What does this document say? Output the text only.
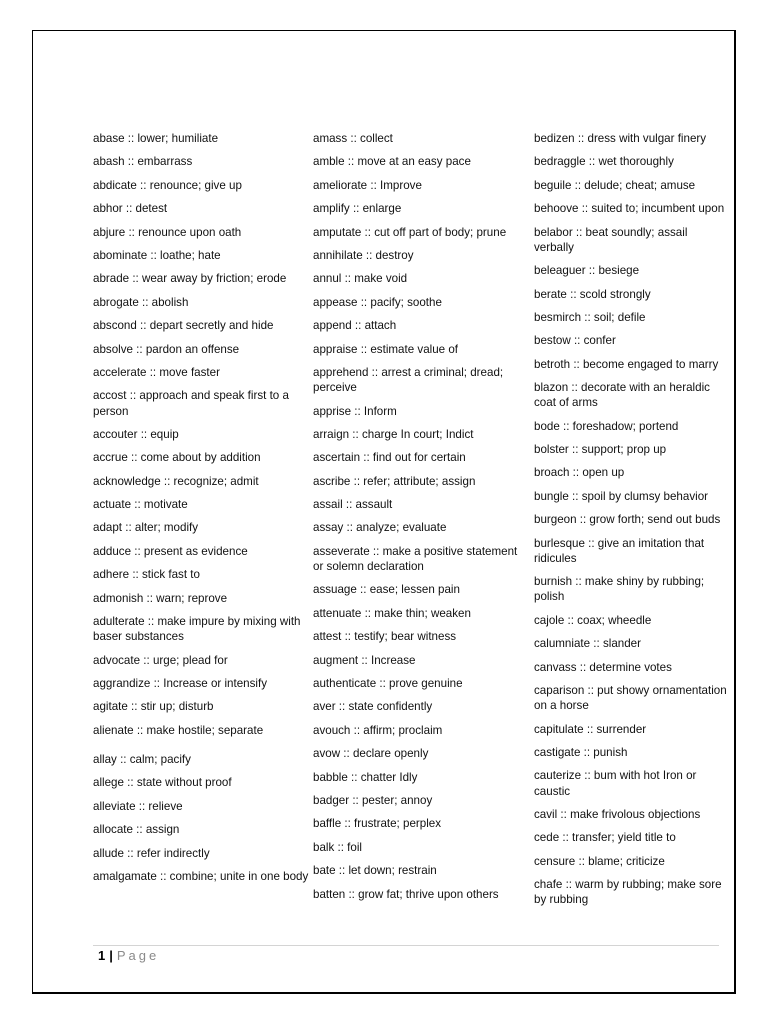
abase :: lower; humiliate
abash :: embarrass
abdicate :: renounce; give up
abhor :: detest
abjure :: renounce upon oath
abominate :: loathe; hate
abrade :: wear away by friction; erode
abrogate :: abolish
abscond :: depart secretly and hide
absolve :: pardon an offense
accelerate :: move faster
accost :: approach and speak first to a person
accouter :: equip
accrue :: come about by addition
acknowledge :: recognize; admit
actuate :: motivate
adapt :: alter; modify
adduce :: present as evidence
adhere :: stick fast to
admonish :: warn; reprove
adulterate :: make impure by mixing with baser substances
advocate :: urge; plead for
aggrandize :: Increase or intensify
agitate :: stir up; disturb
alienate :: make hostile; separate
allay :: calm; pacify
allege :: state without proof
alleviate :: relieve
allocate :: assign
allude :: refer indirectly
amalgamate :: combine; unite in one body
amass :: collect
amble :: move at an easy pace
ameliorate :: Improve
amplify :: enlarge
amputate :: cut off part of body; prune
annihilate :: destroy
annul :: make void
appease :: pacify; soothe
append :: attach
appraise :: estimate value of
apprehend :: arrest a criminal; dread; perceive
apprise :: Inform
arraign :: charge In court; Indict
ascertain :: find out for certain
ascribe :: refer; attribute; assign
assail :: assault
assay :: analyze; evaluate
asseverate :: make a positive statement or solemn declaration
assuage :: ease; lessen pain
attenuate :: make thin; weaken
attest :: testify; bear witness
augment :: Increase
authenticate :: prove genuine
aver :: state confidently
avouch :: affirm; proclaim
avow :: declare openly
babble :: chatter Idly
badger :: pester; annoy
baffle :: frustrate; perplex
balk :: foil
bate :: let down; restrain
batten :: grow fat; thrive upon others
bedizen :: dress with vulgar finery
bedraggle :: wet thoroughly
beguile :: delude; cheat; amuse
behoove :: suited to; incumbent upon
belabor :: beat soundly; assail verbally
beleaguer :: besiege
berate :: scold strongly
besmirch :: soil; defile
bestow :: confer
betroth :: become engaged to marry
blazon :: decorate with an heraldic coat of arms
bode :: foreshadow; portend
bolster :: support; prop up
broach :: open up
bungle :: spoil by clumsy behavior
burgeon :: grow forth; send out buds
burlesque :: give an imitation that ridicules
burnish :: make shiny by rubbing; polish
cajole :: coax; wheedle
calumniate :: slander
canvass :: determine votes
caparison :: put showy ornamentation on a horse
capitulate :: surrender
castigate :: punish
cauterize :: bum with hot Iron or caustic
cavil :: make frivolous objections
cede :: transfer; yield title to
censure :: blame; criticize
chafe :: warm by rubbing; make sore by rubbing
1 | Page
